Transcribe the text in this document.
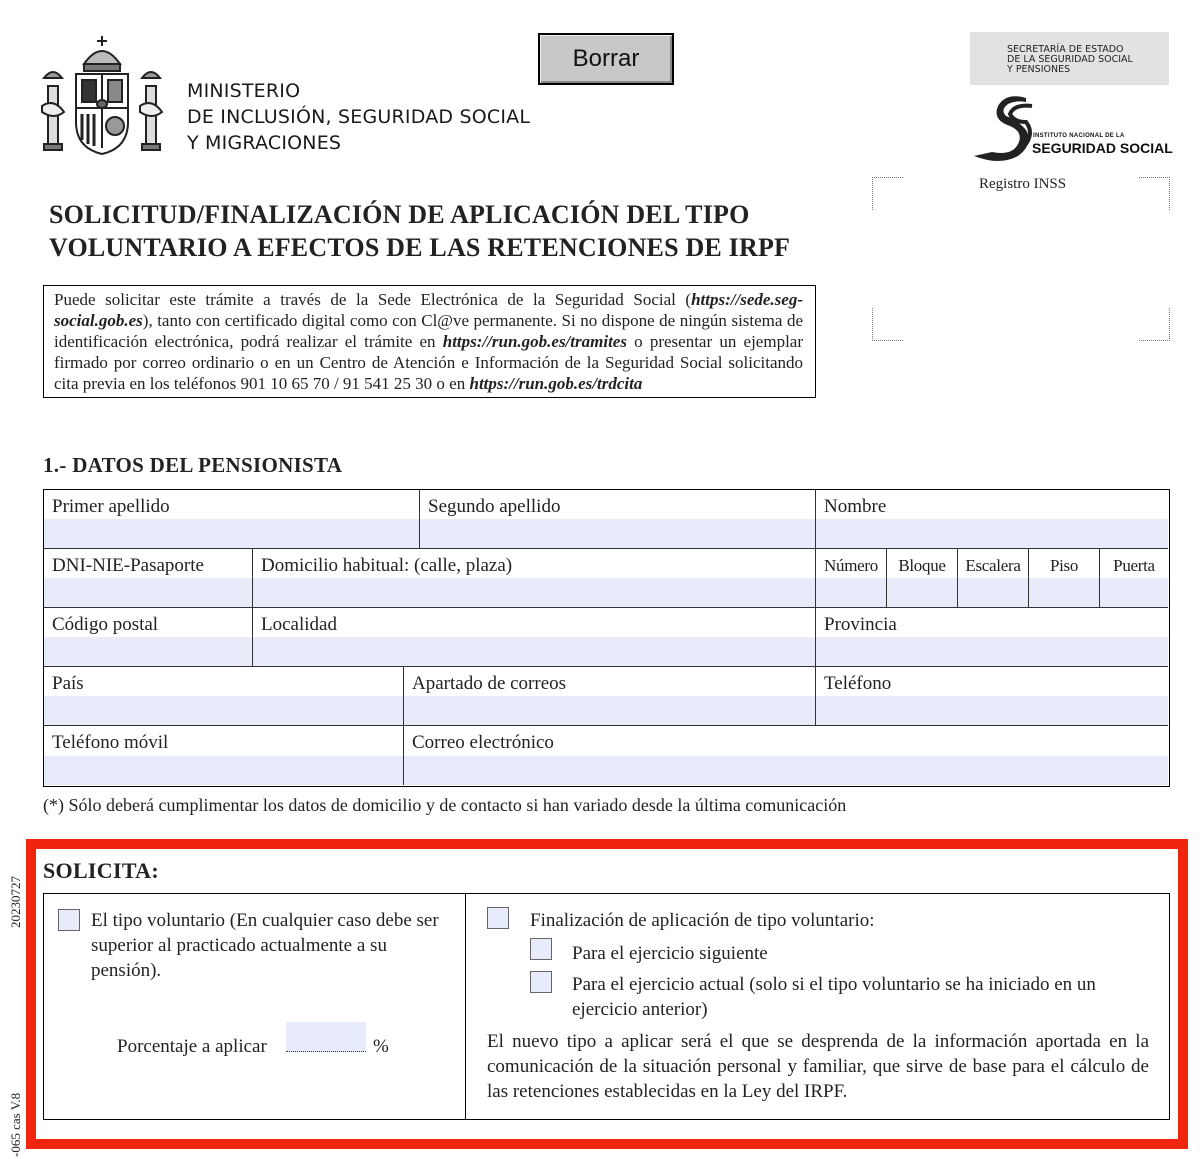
MINISTERIO
DE INCLUSIÓN, SEGURIDAD SOCIAL
Y MIGRACIONES
Borrar	SECRETARÍA DE ESTADO
DE LA SEGURIDAD SOCIAL
Y PENSIONES
INSTITUTO NACIONAL DE LA
SEGURIDAD SOCIAL
Registro INSS
SOLICITUD/FINALIZACIÓN DE APLICACIÓN DEL TIPO
VOLUNTARIO A EFECTOS DE LAS RETENCIONES DE IRPF

Puede solicitar este trámite a través de la Sede Electrónica de la Seguridad Social (https://sede.seg-social.gob.es), tanto con certificado digital como con Cl@ve permanente. Si no dispone de ningún sistema de identificación electrónica, podrá realizar el trámite en https://run.gob.es/tramites o presentar un ejemplar firmado por correo ordinario o en un Centro de Atención e Información de la Seguridad Social solicitando cita previa en los teléfonos 901 10 65 70 / 91 541 25 30 o en https://run.gob.es/trdcita

1.- DATOS DEL PENSIONISTA
Primer apellido	Segundo apellido	Nombre
DNI-NIE-Pasaporte	Domicilio habitual: (calle, plaza)	Número	Bloque	Escalera	Piso	Puerta
Código postal	Localidad	Provincia
País	Apartado de correos	Teléfono
Teléfono móvil	Correo electrónico
(*) Sólo deberá cumplimentar los datos de domicilio y de contacto si han variado desde la última comunicación
SOLICITA:
El tipo voluntario (En cualquier caso debe ser superior al practicado actualmente a su pensión).
Porcentaje a aplicar	%
Finalización de aplicación de tipo voluntario:
Para el ejercicio siguiente
Para el ejercicio actual (solo si el tipo voluntario se ha iniciado en un ejercicio anterior)
El nuevo tipo a aplicar será el que se desprenda de la información aportada en la comunicación de la situación personal y familiar, que sirve de base para el cálculo de las retenciones establecidas en la Ley del IRPF.
20230727
-065 cas V.8
